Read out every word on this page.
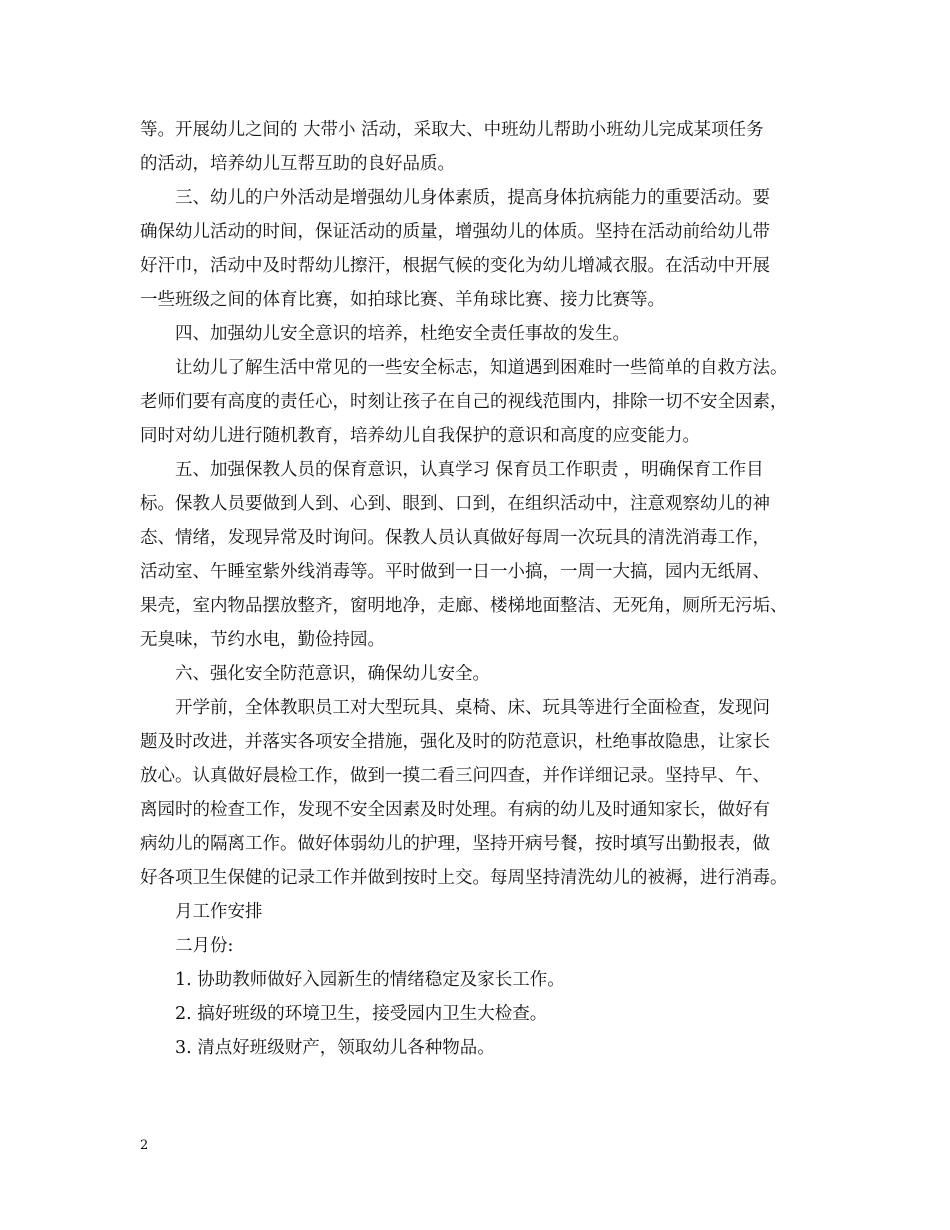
等。开展幼儿之间的 大带小 活动，采取大、中班幼儿帮助小班幼儿完成某项任务
的活动，培养幼儿互帮互助的良好品质。
三、幼儿的户外活动是增强幼儿身体素质，提高身体抗病能力的重要活动。要
确保幼儿活动的时间，保证活动的质量，增强幼儿的体质。坚持在活动前给幼儿带
好汗巾，活动中及时帮幼儿擦汗，根据气候的变化为幼儿增减衣服。在活动中开展
一些班级之间的体育比赛，如拍球比赛、羊角球比赛、接力比赛等。
四、加强幼儿安全意识的培养，杜绝安全责任事故的发生。
让幼儿了解生活中常见的一些安全标志，知道遇到困难时一些简单的自救方法。
老师们要有高度的责任心，时刻让孩子在自己的视线范围内，排除一切不安全因素，
同时对幼儿进行随机教育，培养幼儿自我保护的意识和高度的应变能力。
五、加强保教人员的保育意识，认真学习 保育员工作职责 ，明确保育工作目
标。保教人员要做到人到、心到、眼到、口到，在组织活动中，注意观察幼儿的神
态、情绪，发现异常及时询问。保教人员认真做好每周一次玩具的清洗消毒工作，
活动室、午睡室紫外线消毒等。平时做到一日一小搞，一周一大搞，园内无纸屑、
果壳，室内物品摆放整齐，窗明地净，走廊、楼梯地面整洁、无死角，厕所无污垢、
无臭味，节约水电，勤俭持园。
六、强化安全防范意识，确保幼儿安全。
开学前，全体教职员工对大型玩具、桌椅、床、玩具等进行全面检查，发现问
题及时改进，并落实各项安全措施，强化及时的防范意识，杜绝事故隐患，让家长
放心。认真做好晨检工作，做到一摸二看三问四查，并作详细记录。坚持早、午、
离园时的检查工作，发现不安全因素及时处理。有病的幼儿及时通知家长，做好有
病幼儿的隔离工作。做好体弱幼儿的护理，坚持开病号餐，按时填写出勤报表，做
好各项卫生保健的记录工作并做到按时上交。每周坚持清洗幼儿的被褥，进行消毒。
月工作安排
二月份:
1. 协助教师做好入园新生的情绪稳定及家长工作。
2. 搞好班级的环境卫生，接受园内卫生大检查。
3. 清点好班级财产，领取幼儿各种物品。
2
